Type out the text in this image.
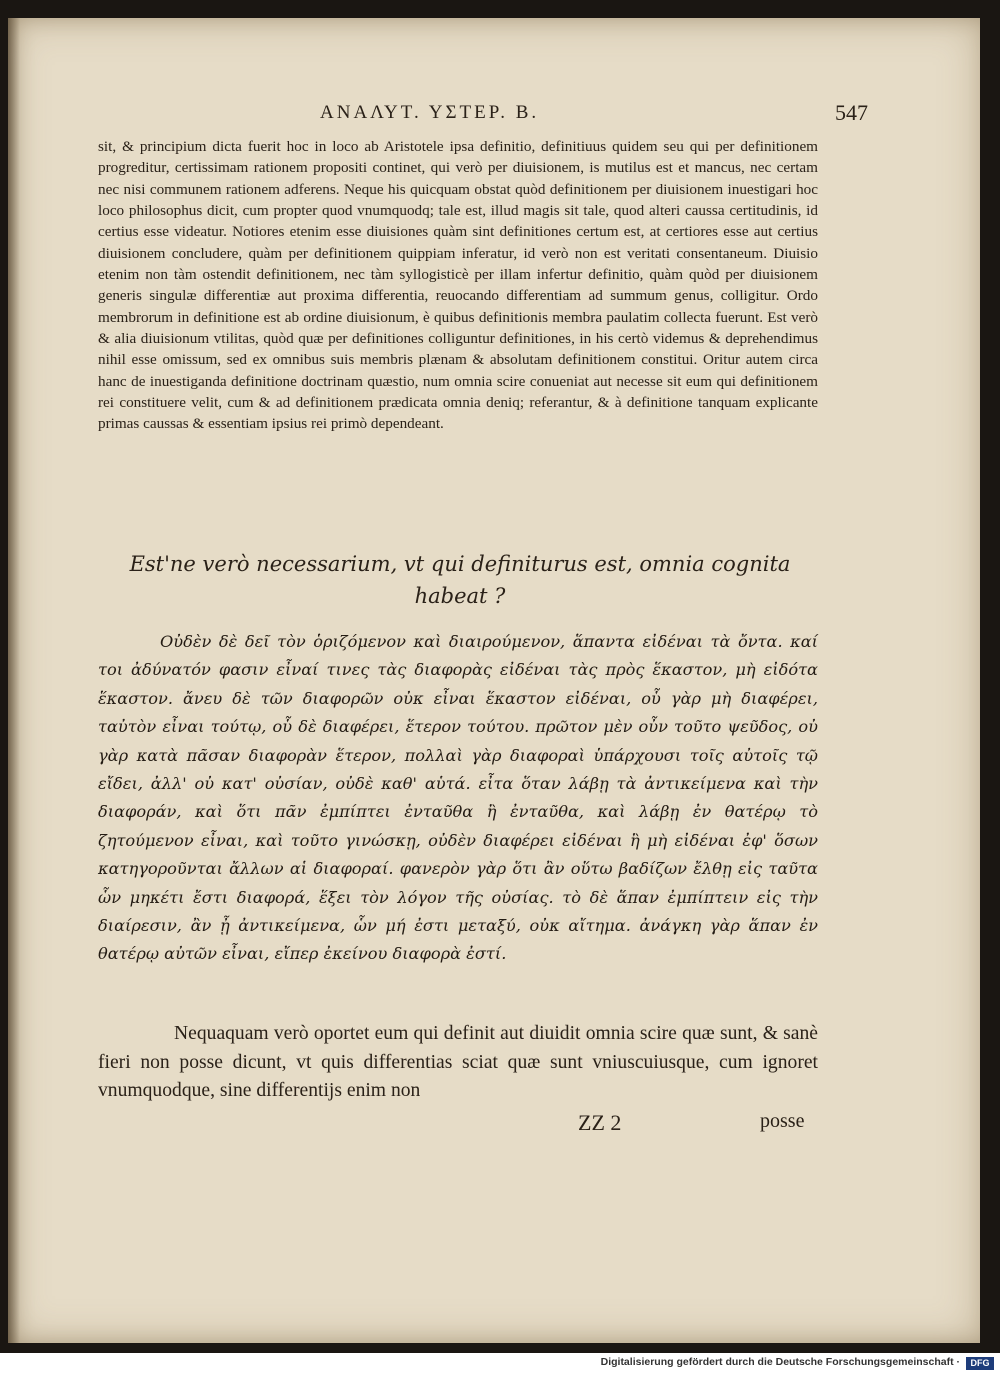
ΑΝΑΛΥΤ. ΥΣΤΕΡ. Β.	547

sit, & principium dicta fuerit hoc in loco ab Aristotele ipsa definitio, definitiuus quidem seu qui per definitionem progreditur, certissimam rationem propositi continet, qui verò per diuisionem, is mutilus est et mancus, nec certam nec nisi communem rationem adferens. Neque his quicquam obstat quòd definitionem per diuisionem inuestigari hoc loco philosophus dicit, cum propter quod vnumquodq; tale est, illud magis sit tale, quod alteri caussa certitudinis, id certius esse videatur. Notiores etenim esse diuisiones quàm sint definitiones certum est, at certiores esse aut certius diuisionem concludere, quàm per definitionem quippiam inferatur, id verò non est veritati consentaneum. Diuisio etenim non tàm ostendit definitionem, nec tàm syllogisticè per illam infertur definitio, quàm quòd per diuisionem generis singulæ differentiæ aut proxima differentia, reuocando differentiam ad summum genus, colligitur. Ordo membrorum in definitione est ab ordine diuisionum, è quibus definitionis membra paulatim collecta fuerunt. Est verò & alia diuisionum vtilitas, quòd quæ per definitiones colliguntur definitiones, in his certò videmus & deprehendimus nihil esse omissum, sed ex omnibus suis membris plænam & absolutam definitionem constitui. Oritur autem circa hanc de inuestiganda definitione doctrinam quæstio, num omnia scire conueniat aut necesse sit eum qui definitionem rei constituere velit, cum & ad definitionem prædicata omnia deniq; referantur, & à definitione tanquam explicante primas caussas & essentiam ipsius rei primò dependeant.

Est'ne verò necessarium, vt qui definiturus est, omnia cognita habeat ?

Οὐδὲν δὲ δεῖ τὸν ὁριζόμενον καὶ διαιρούμενον, ἅπαντα εἰδέναι τὰ ὄντα. καί τοι ἀδύνατόν φασιν εἶναί τινες τὰς διαφορὰς εἰδέναι τὰς πρὸς ἕκαστον, μὴ εἰδότα ἕκαστον. ἄνευ δὲ τῶν διαφορῶν οὐκ εἶναι ἕκαστον εἰδέναι, οὗ γὰρ μὴ διαφέρει, ταὐτὸν εἶναι τούτῳ, οὗ δὲ διαφέρει, ἕτερον τούτου. πρῶτον μὲν οὖν τοῦτο ψεῦδος, οὐ γὰρ κατὰ πᾶσαν διαφορὰν ἕτερον, πολλαὶ γὰρ διαφοραὶ ὑπάρχουσι τοῖς αὐτοῖς τῷ εἴδει, ἀλλ' οὐ κατ' οὐσίαν, οὐδὲ καθ' αὑτά. εἶτα ὅταν λάβῃ τὰ ἀντικείμενα καὶ τὴν διαφοράν, καὶ ὅτι πᾶν ἐμπίπτει ἐνταῦθα ἢ ἐνταῦθα, καὶ λάβῃ ἐν θατέρῳ τὸ ζητούμενον εἶναι, καὶ τοῦτο γινώσκῃ, οὐδὲν διαφέρει εἰδέναι ἢ μὴ εἰδέναι ἐφ' ὅσων κατηγοροῦνται ἄλλων αἱ διαφοραί. φανερὸν γὰρ ὅτι ἂν οὕτω βαδίζων ἔλθῃ εἰς ταῦτα ὧν μηκέτι ἔστι διαφορά, ἕξει τὸν λόγον τῆς οὐσίας. τὸ δὲ ἅπαν ἐμπίπτειν εἰς τὴν διαίρεσιν, ἂν ᾖ ἀντικείμενα, ὧν μή ἐστι μεταξύ, οὐκ αἴτημα. ἀνάγκη γὰρ ἅπαν ἐν θατέρῳ αὐτῶν εἶναι, εἴπερ ἐκείνου διαφορὰ ἐστί.

Nequaquam verò oportet eum qui definit aut diuidit omnia scire quæ sunt, & sanè fieri non posse dicunt, vt quis differentias sciat quæ sunt vniuscuiusque, cum ignoret vnumquodque, sine differentijs enim non

ZZ 2	posse
Digitalisierung gefördert durch die Deutsche Forschungsgemeinschaft ·	DFG
